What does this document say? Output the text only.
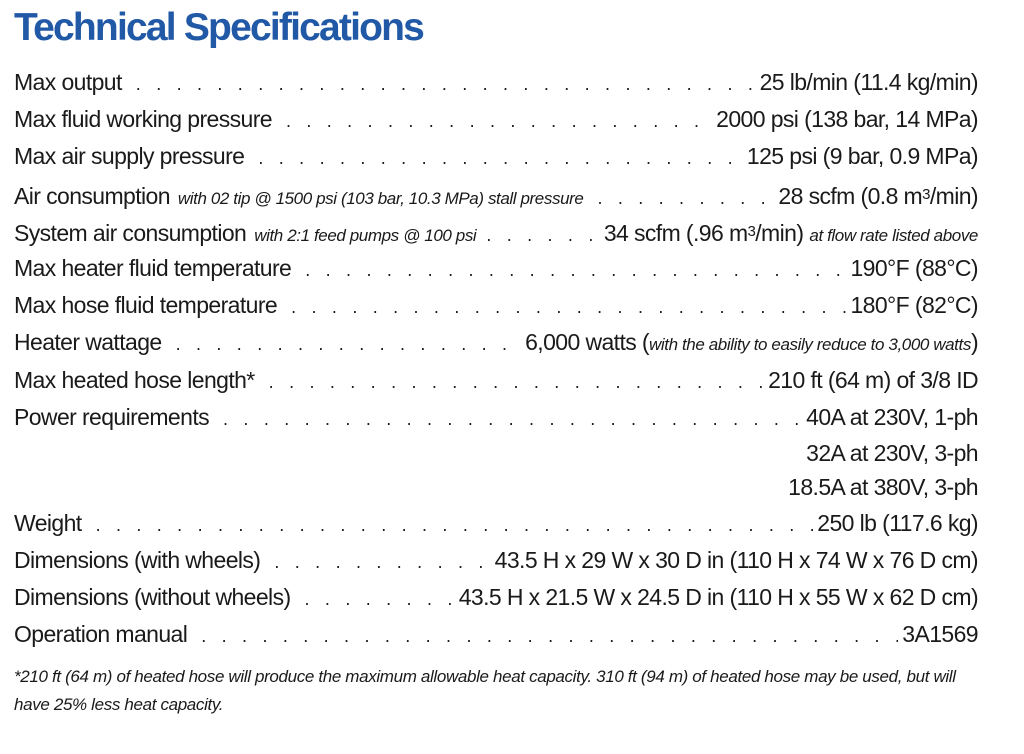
Technical Specifications
Max output . . .	25 lb/min (11.4 kg/min)
Max fluid working pressure . . .	2000 psi (138 bar, 14 MPa)
Max air supply pressure . . .	125 psi (9 bar, 0.9 MPa)
Air consumption with 02 tip @ 1500 psi (103 bar, 10.3 MPa) stall pressure . . .	28 scfm (0.8 $m^3/\min$)
System air consumption with 2:1 feed pumps @ 100 psi . . .	34 scfm (.96 $m^3/\min$) at flow rate listed above
Max heater fluid temperature . . .	190°F (88°C)
Max hose fluid temperature . . .	180°F (82°C)
Heater wattage . . .	6,000 watts ( with the ability to easily reduce to 3,000 watts )
Max heated hose length* . . .	210 ft (64 m) of 3/8 ID
Power requirements . . .	40A at 230V, 1-ph
32A at 230V, 3-ph
18.5A at 380V, 3-ph
Weight . . .	250 lb (117.6 kg)
Dimensions (with wheels) . . .	43.5 H x 29 W x 30 D in (110 H x 74 W x 76 D cm)
Dimensions (without wheels) . . .	43.5 H x 21.5 W x 24.5 D in (110 H x 55 W x 62 D cm)
Operation manual . . .	3A1569
*210 ft (64 m) of heated hose will produce the maximum allowable heat capacity. 310 ft (94 m) of heated hose may be used, but will have 25% less heat capacity.
